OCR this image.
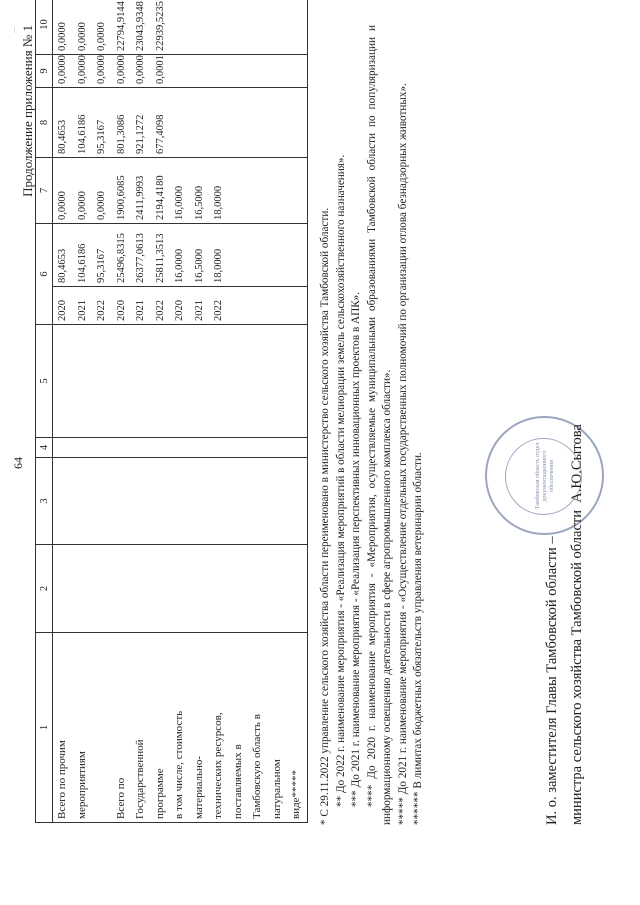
...
64
Продолжение приложения № 1
1	2	3	4	5	6		7	8	9	10
Всего по прочим					2020	80,4653	0,0000	80,4653	0,0000	0,0000
мероприятиям					2021	104,6186	0,0000	104,6186	0,0000	0,0000
					2022	95,3167	0,0000	95,3167	0,0000	0,0000
Всего по					2020	25496,8315	1900,6085	801,3086	0,0000	22794,9144
Государственной					2021	26377,0613	2411,9993	921,1272	0,0000	23043,9348
программе					2022	25811,3513	2194,4180	677,4098	0,0001	22939,5235
в том числе, стоимость					2020	16,0000	16,0000			
материально-					2021	16,5000	16,5000			
технических ресурсов,					2022	18,0000	18,0000			
поставляемых в										
Тамбовскую область в										
натуральном										
виде*****										* С 29.11.2022 управление сельского хозяйства области переименовано в министерство сельского хозяйства Тамбовской области. ** До 2022 г. наименование мероприятия - «Реализация мероприятий в области мелиорации земель сельскохозяйственного назначения». *** До 2021 г. наименование мероприятия - «Реализация перспективных инновационных проектов в АПК». **** До 2020 г. наименование мероприятия - «Мероприятия, осуществляемые муниципальными образованиями Тамбовской области по популяризации и информационному освещению деятельности в сфере агропромышленного комплекса области». ***** До 2021 г. наименование мероприятия - «Осуществление отдельных государственных полномочий по организации отлова безнадзорных животных». ****** В лимитах бюджетных обязательств управления ветеринарии области.	Тамбовская область отдел документационного обеспечения
И. о. заместителя Главы Тамбовской области – министра сельского хозяйства Тамбовской области  А.Ю.Сытова
